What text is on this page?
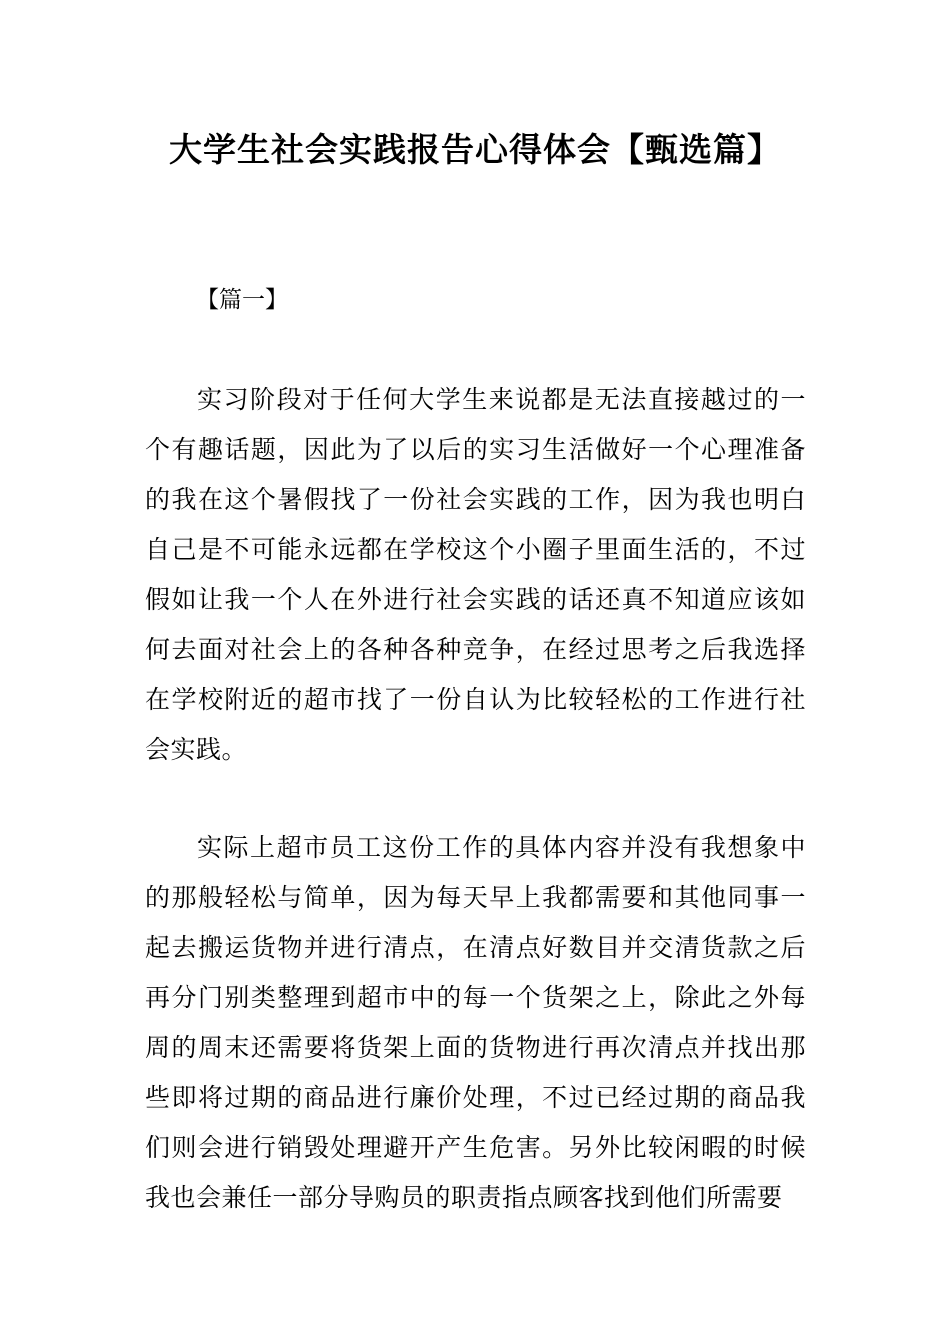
大学生社会实践报告心得体会【甄选篇】

【篇一】

实习阶段对于任何大学生来说都是无法直接越过的一个有趣话题，因此为了以后的实习生活做好一个心理准备的我在这个暑假找了一份社会实践的工作，因为我也明白自己是不可能永远都在学校这个小圈子里面生活的，不过假如让我一个人在外进行社会实践的话还真不知道应该如何去面对社会上的各种各种竞争，在经过思考之后我选择在学校附近的超市找了一份自认为比较轻松的工作进行社会实践。

实际上超市员工这份工作的具体内容并没有我想象中的那般轻松与简单，因为每天早上我都需要和其他同事一起去搬运货物并进行清点，在清点好数目并交清货款之后再分门别类整理到超市中的每一个货架之上，除此之外每周的周末还需要将货架上面的货物进行再次清点并找出那些即将过期的商品进行廉价处理，不过已经过期的商品我们则会进行销毁处理避开产生危害。另外比较闲暇的时候我也会兼任一部分导购员的职责指点顾客找到他们所需要
